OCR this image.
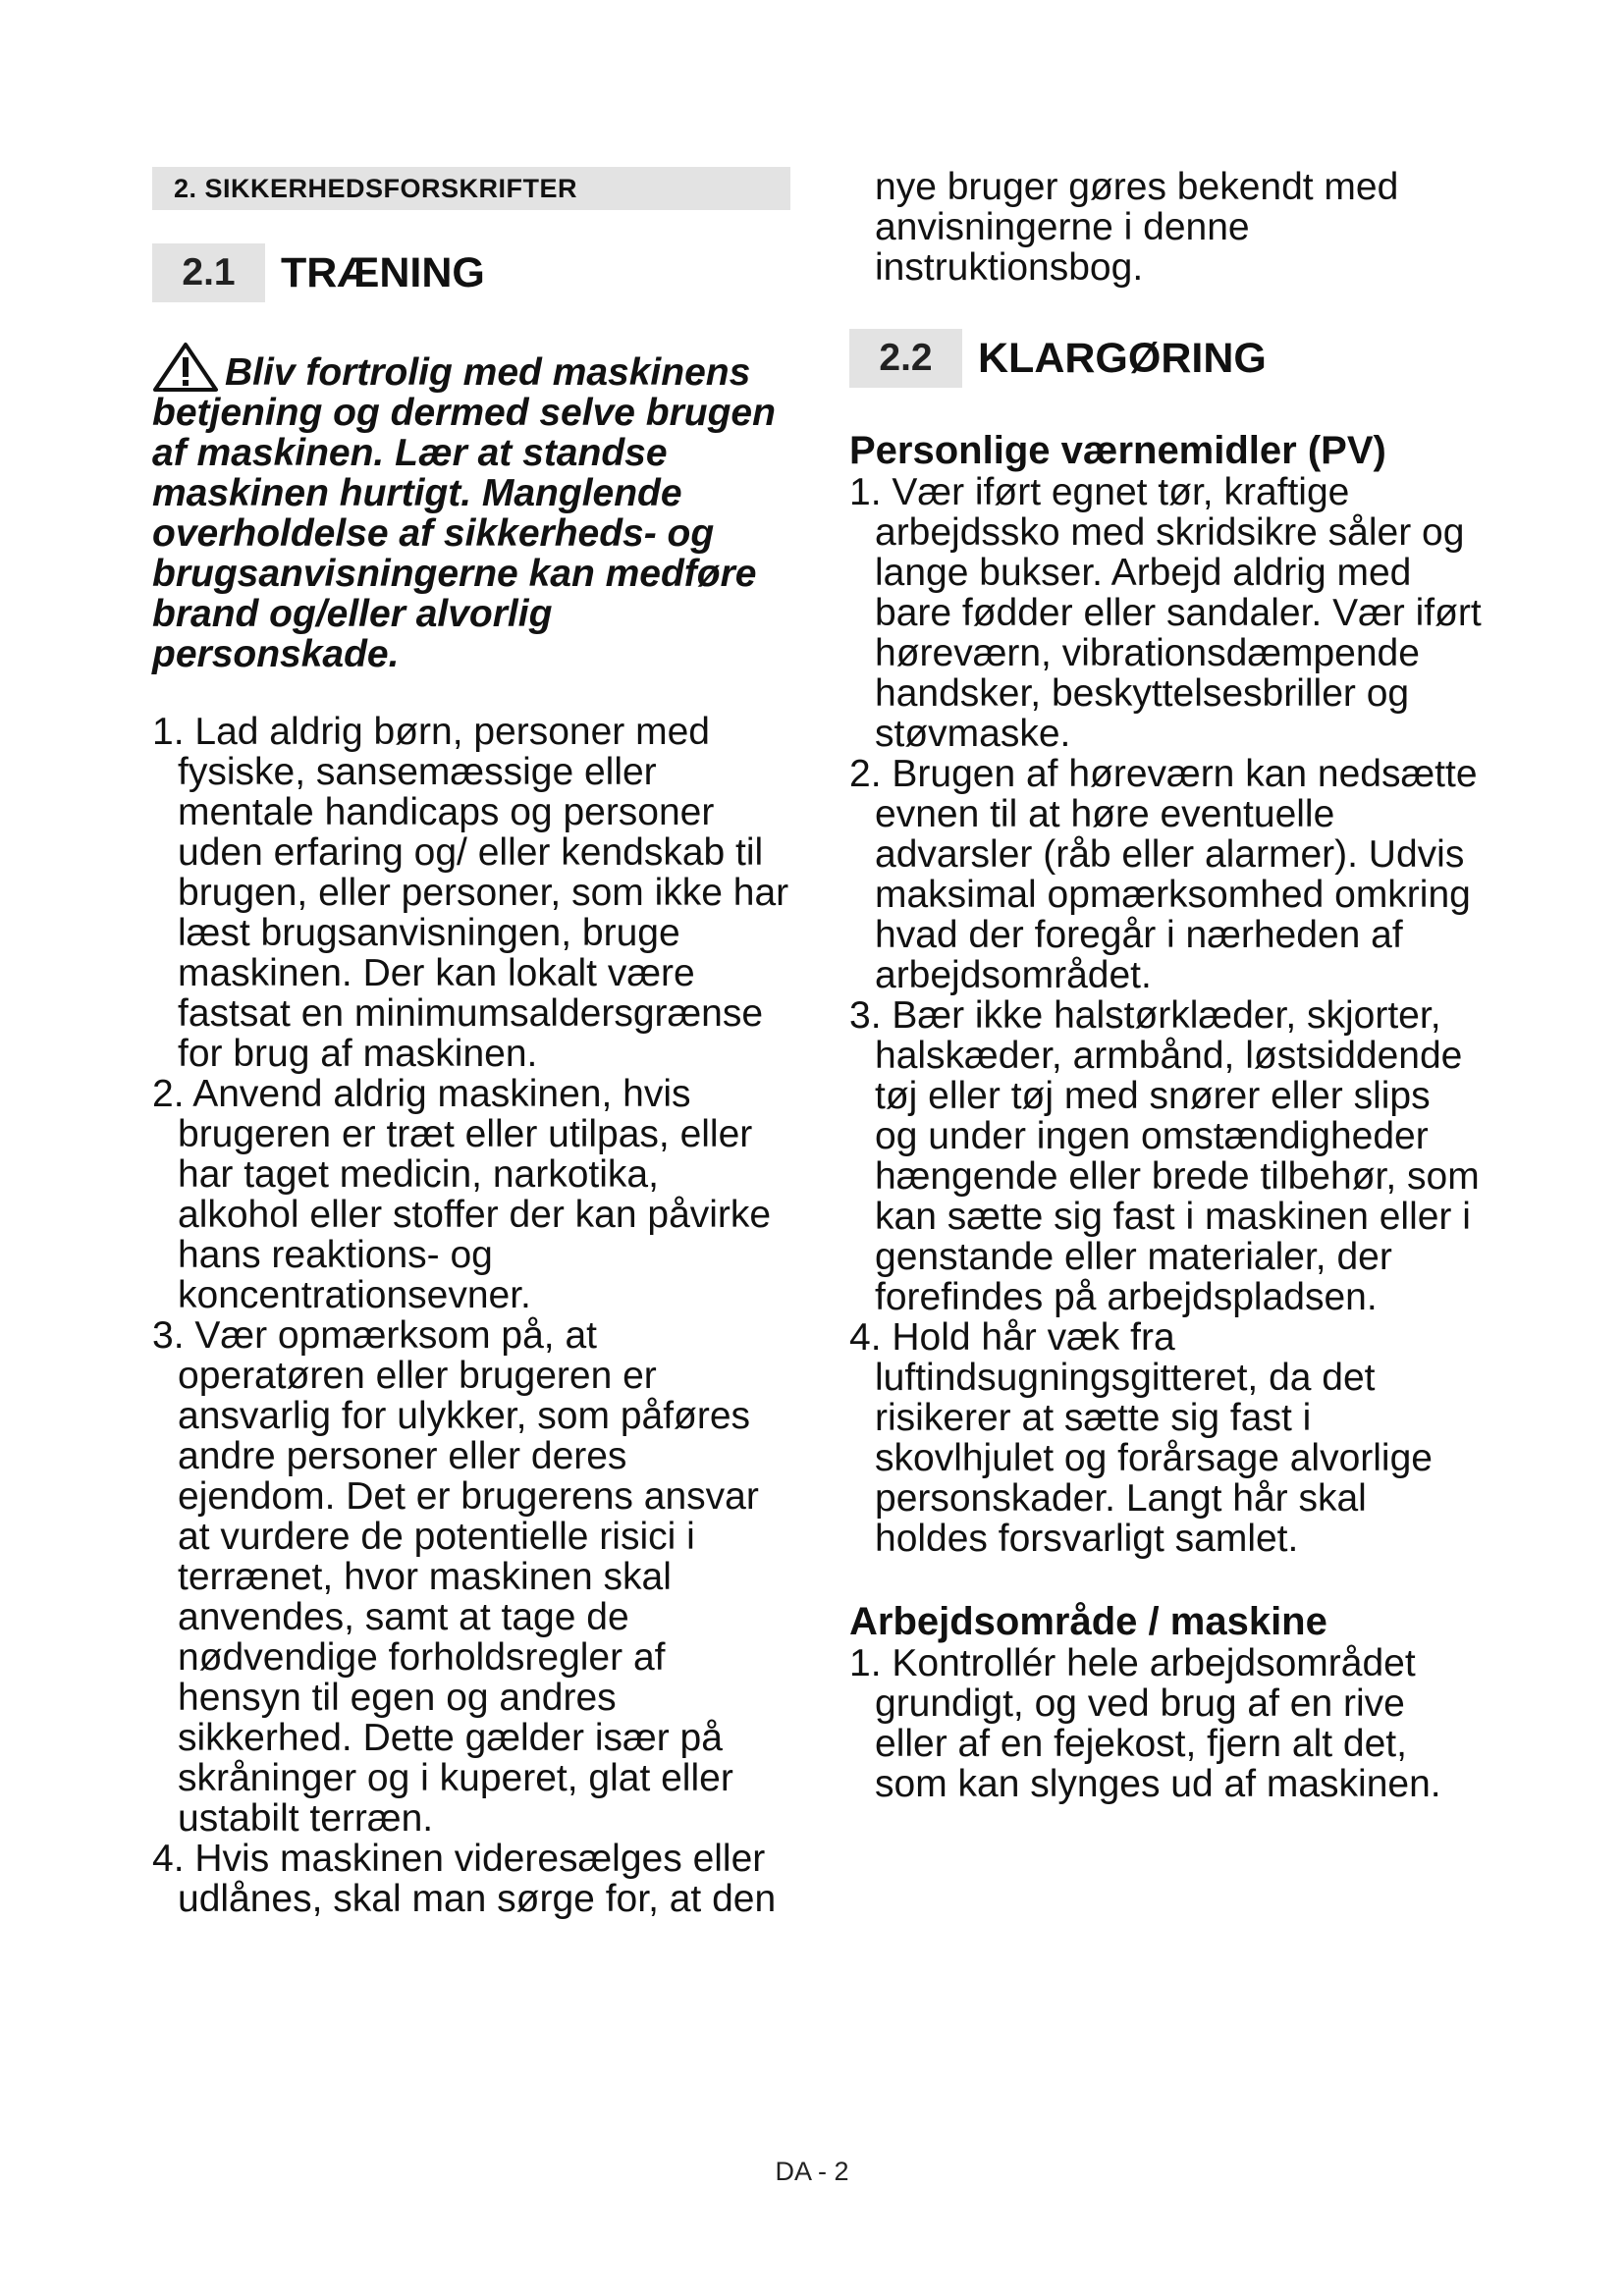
2. SIKKERHEDSFORSKRIFTER
2.1	TRÆNING
Bliv fortrolig med maskinens betjening og dermed selve brugen af maskinen. Lær at standse maskinen hurtigt. Manglende overholdelse af sikkerheds- og brugsanvisningerne kan medføre brand og/eller alvorlig personskade.
1. Lad aldrig børn, personer med fysiske, sansemæssige eller mentale handicaps og personer uden erfaring og/ eller kendskab til brugen, eller personer, som ikke har læst brugsanvisningen, bruge maskinen. Der kan lokalt være fastsat en minimumsaldersgrænse for brug af maskinen.
2. Anvend aldrig maskinen, hvis brugeren er træt eller utilpas, eller har taget medicin, narkotika, alkohol eller stoffer der kan påvirke hans reaktions- og koncentrationsevner.
3. Vær opmærksom på, at operatøren eller brugeren er ansvarlig for ulykker, som påføres andre personer eller deres ejendom. Det er brugerens ansvar at vurdere de potentielle risici i terrænet, hvor maskinen skal anvendes, samt at tage de nødvendige forholdsregler af hensyn til egen og andres sikkerhed. Dette gælder især på skråninger og i kuperet, glat eller ustabilt terræn.
4. Hvis maskinen videresælges eller udlånes, skal man sørge for, at den
nye bruger gøres bekendt med anvisningerne i denne instruktionsbog.
2.2	KLARGØRING
Personlige værnemidler (PV)
1. Vær iført egnet tør, kraftige arbejdssko med skridsikre såler og lange bukser. Arbejd aldrig med bare fødder eller sandaler. Vær iført høreværn, vibrationsdæmpende handsker, beskyttelsesbriller og støvmaske.
2. Brugen af høreværn kan nedsætte evnen til at høre eventuelle advarsler (råb eller alarmer). Udvis maksimal opmærksomhed omkring hvad der foregår i nærheden af arbejdsområdet.
3. Bær ikke halstørklæder, skjorter, halskæder, armbånd, løstsiddende tøj eller tøj med snører eller slips og under ingen omstændigheder hængende eller brede tilbehør, som kan sætte sig fast i maskinen eller i genstande eller materialer, der forefindes på arbejdspladsen.
4. Hold hår væk fra luftindsugningsgitteret, da det risikerer at sætte sig fast i skovlhjulet og forårsage alvorlige personskader. Langt hår skal holdes forsvarligt samlet.
Arbejdsområde / maskine
1. Kontrollér hele arbejdsområdet grundigt, og ved brug af en rive eller af en fejekost, fjern alt det, som kan slynges ud af maskinen.
DA - 2
